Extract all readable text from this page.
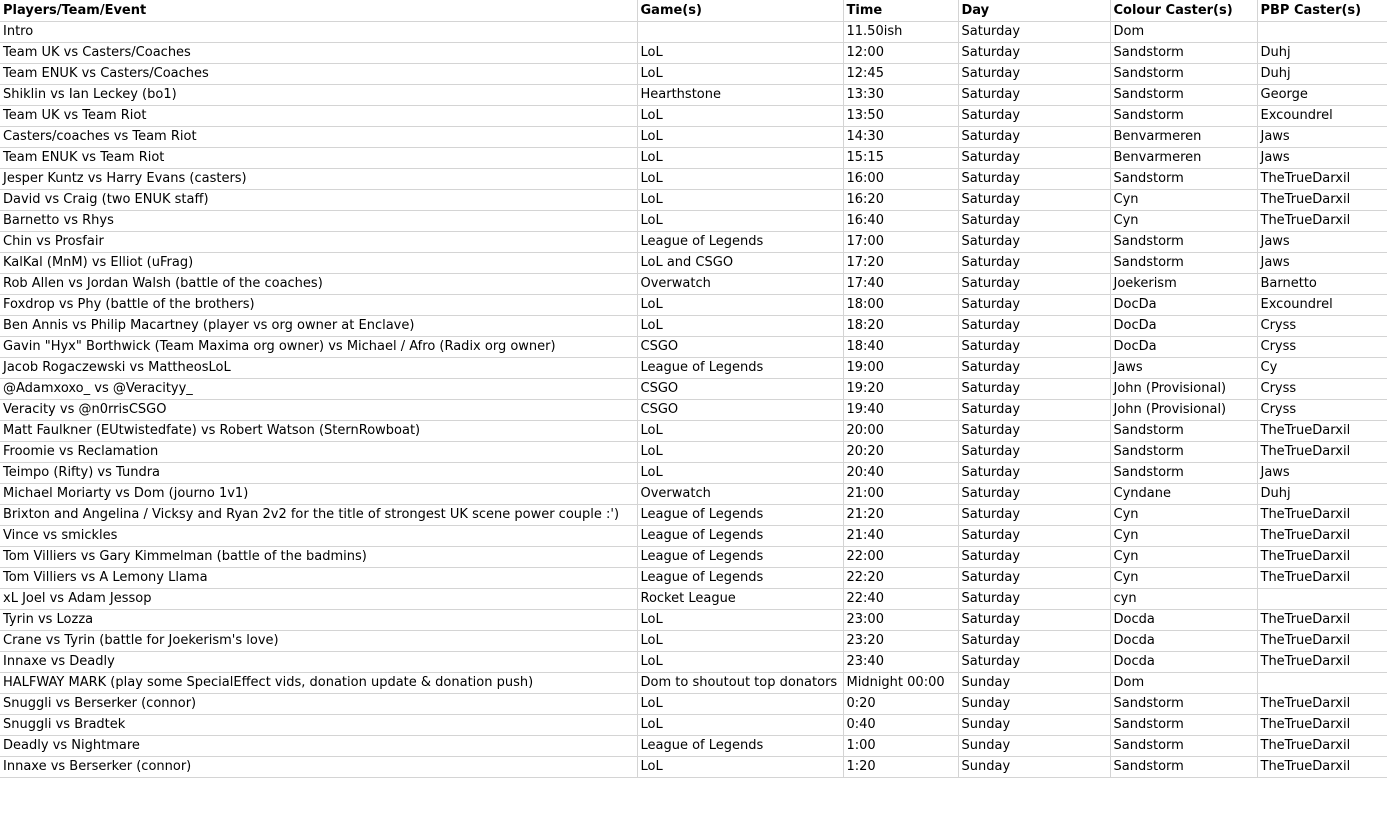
Players/Team/Event	Game(s)	Time	Day	Colour Caster(s)	PBP Caster(s)
Intro		11.50ish	Saturday	Dom	
Team UK vs Casters/Coaches	LoL	12:00	Saturday	Sandstorm	Duhj
Team ENUK vs Casters/Coaches	LoL	12:45	Saturday	Sandstorm	Duhj
Shiklin vs Ian Leckey (bo1)	Hearthstone	13:30	Saturday	Sandstorm	George
Team UK vs Team Riot	LoL	13:50	Saturday	Sandstorm	Excoundrel
Casters/coaches vs Team Riot	LoL	14:30	Saturday	Benvarmeren	Jaws
Team ENUK vs Team Riot	LoL	15:15	Saturday	Benvarmeren	Jaws
Jesper Kuntz vs Harry Evans (casters)	LoL	16:00	Saturday	Sandstorm	TheTrueDarxil
David vs Craig (two ENUK staff)	LoL	16:20	Saturday	Cyn	TheTrueDarxil
Barnetto vs Rhys	LoL	16:40	Saturday	Cyn	TheTrueDarxil
Chin vs Prosfair	League of Legends	17:00	Saturday	Sandstorm	Jaws
KalKal (MnM) vs Elliot (uFrag)	LoL and CSGO	17:20	Saturday	Sandstorm	Jaws
Rob Allen vs Jordan Walsh (battle of the coaches)	Overwatch	17:40	Saturday	Joekerism	Barnetto
Foxdrop vs Phy (battle of the brothers)	LoL	18:00	Saturday	DocDa	Excoundrel
Ben Annis vs Philip Macartney (player vs org owner at Enclave)	LoL	18:20	Saturday	DocDa	Cryss
Gavin "Hyx" Borthwick (Team Maxima org owner) vs Michael / Afro (Radix org owner)	CSGO	18:40	Saturday	DocDa	Cryss
Jacob Rogaczewski vs MattheosLoL	League of Legends	19:00	Saturday	Jaws	Cy
@Adamxoxo_ vs @Veracityy_	CSGO	19:20	Saturday	John (Provisional)	Cryss
Veracity vs @n0rrisCSGO	CSGO	19:40	Saturday	John (Provisional)	Cryss
Matt Faulkner (EUtwistedfate) vs Robert Watson (SternRowboat)	LoL	20:00	Saturday	Sandstorm	TheTrueDarxil
Froomie vs Reclamation	LoL	20:20	Saturday	Sandstorm	TheTrueDarxil
Teimpo (Rifty) vs Tundra	LoL	20:40	Saturday	Sandstorm	Jaws
Michael Moriarty vs Dom (journo 1v1)	Overwatch	21:00	Saturday	Cyndane	Duhj
Brixton and Angelina / Vicksy and Ryan 2v2 for the title of strongest UK scene power couple :')	League of Legends	21:20	Saturday	Cyn	TheTrueDarxil
Vince vs smickles	League of Legends	21:40	Saturday	Cyn	TheTrueDarxil
Tom Villiers vs Gary Kimmelman (battle of the badmins)	League of Legends	22:00	Saturday	Cyn	TheTrueDarxil
Tom Villiers vs A Lemony Llama	League of Legends	22:20	Saturday	Cyn	TheTrueDarxil
xL Joel vs Adam Jessop	Rocket League	22:40	Saturday	cyn	
Tyrin vs Lozza	LoL	23:00	Saturday	Docda	TheTrueDarxil
Crane vs Tyrin (battle for Joekerism's love)	LoL	23:20	Saturday	Docda	TheTrueDarxil
Innaxe vs Deadly	LoL	23:40	Saturday	Docda	TheTrueDarxil
HALFWAY MARK (play some SpecialEffect vids, donation update & donation push)	Dom to shoutout top donators	Midnight 00:00	Sunday	Dom	
Snuggli vs Berserker (connor)	LoL	0:20	Sunday	Sandstorm	TheTrueDarxil
Snuggli vs Bradtek	LoL	0:40	Sunday	Sandstorm	TheTrueDarxil
Deadly vs Nightmare	League of Legends	1:00	Sunday	Sandstorm	TheTrueDarxil
Innaxe vs Berserker (connor)	LoL	1:20	Sunday	Sandstorm	TheTrueDarxil
